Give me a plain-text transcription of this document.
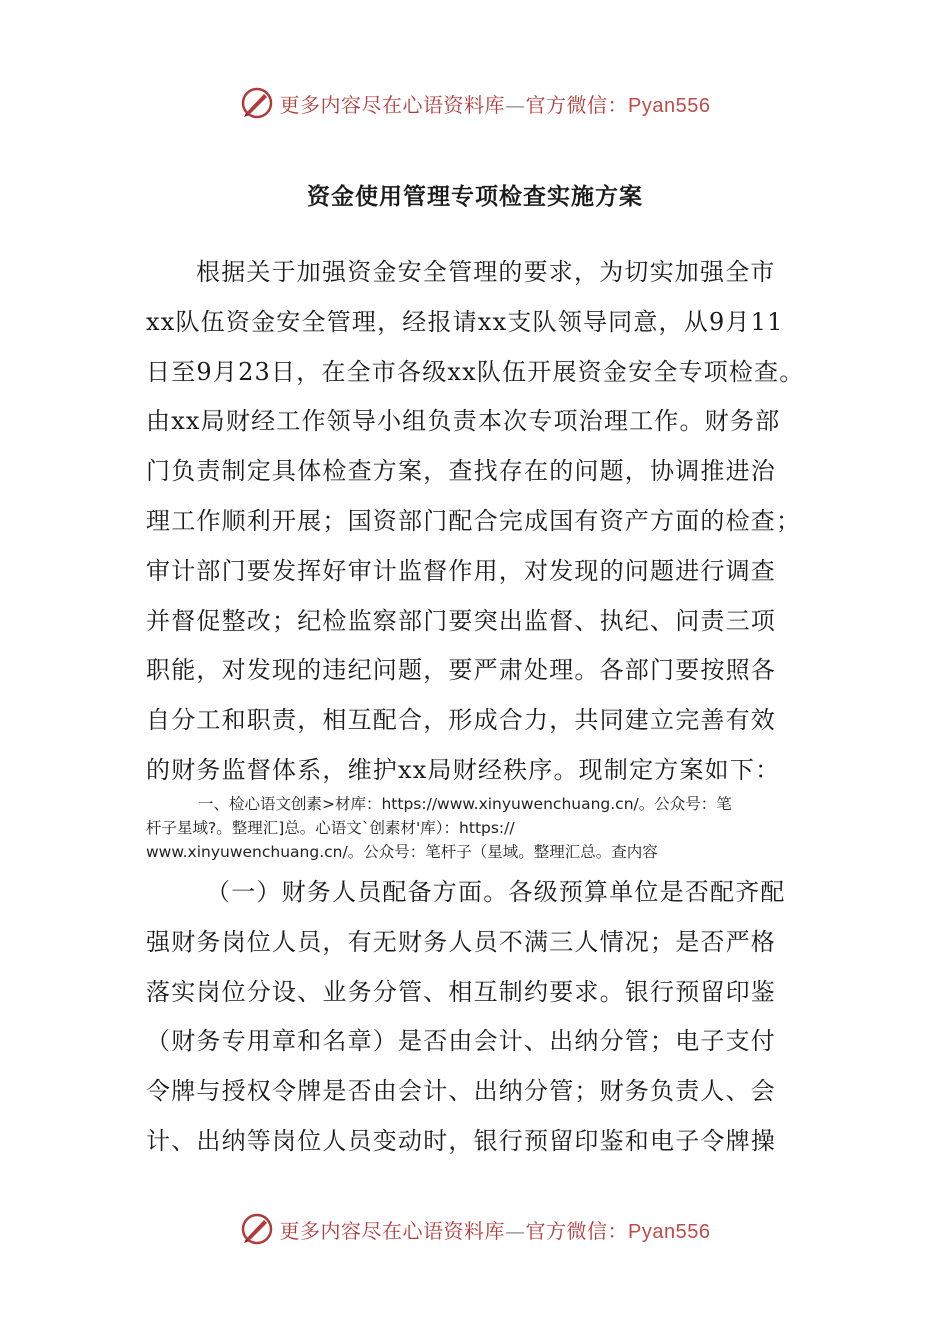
更多内容尽在心语资料库—官方微信：Pyan556
资金使用管理专项检查实施方案
根据关于加强资金安全管理的要求，为切实加强全市
xx队伍资金安全管理，经报请xx支队领导同意，从9月11
日至9月23日，在全市各级xx队伍开展资金安全专项检查。
由xx局财经工作领导小组负责本次专项治理工作。财务部
门负责制定具体检查方案，查找存在的问题，协调推进治
理工作顺利开展；国资部门配合完成国有资产方面的检查；
审计部门要发挥好审计监督作用，对发现的问题进行调查
并督促整改；纪检监察部门要突出监督、执纪、问责三项
职能，对发现的违纪问题，要严肃处理。各部门要按照各
自分工和职责，相互配合，形成合力，共同建立完善有效
的财务监督体系，维护xx局财经秩序。现制定方案如下：
一、检心语文创素>材库：https://www.xinyuwenchuang.cn/。公众号：笔
杆子星域?。整理汇]总。心语文`创素材'库）：https://
www.xinyuwenchuang.cn/。公众号：笔杆子（星域。整理汇总。查内容
（一）财务人员配备方面。各级预算单位是否配齐配
强财务岗位人员，有无财务人员不满三人情况；是否严格
落实岗位分设、业务分管、相互制约要求。银行预留印鉴
（财务专用章和名章）是否由会计、出纳分管；电子支付
令牌与授权令牌是否由会计、出纳分管；财务负责人、会
计、出纳等岗位人员变动时，银行预留印鉴和电子令牌操
更多内容尽在心语资料库—官方微信：Pyan556
